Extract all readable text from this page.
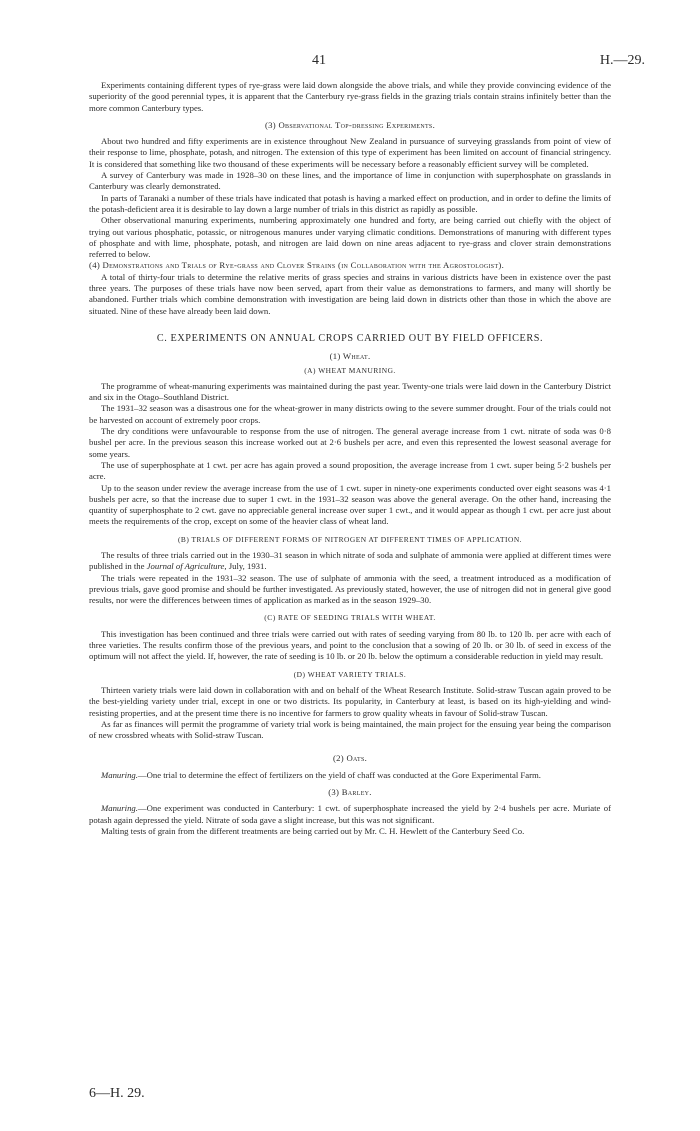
41	H.—29.

Experiments containing different types of rye-grass were laid down alongside the above trials, and while they provide convincing evidence of the superiority of the good perennial types, it is apparent that the Canterbury rye-grass fields in the grazing trials contain strains infinitely better than the more common Canterbury types.

(3) Observational Top-dressing Experiments.

About two hundred and fifty experiments are in existence throughout New Zealand in pursuance of surveying grasslands from point of view of their response to lime, phosphate, potash, and nitrogen. The extension of this type of experiment has been limited on account of financial stringency. It is considered that something like two thousand of these experiments will be necessary before a reasonably efficient survey will be completed.

A survey of Canterbury was made in 1928–30 on these lines, and the importance of lime in conjunction with superphosphate on grasslands in Canterbury was clearly demonstrated.

In parts of Taranaki a number of these trials have indicated that potash is having a marked effect on production, and in order to define the limits of the potash-deficient area it is desirable to lay down a large number of trials in this district as rapidly as possible.

Other observational manuring experiments, numbering approximately one hundred and forty, are being carried out chiefly with the object of trying out various phosphatic, potassic, or nitrogenous manures under varying climatic conditions. Demonstrations of manuring with different types of phosphate and with lime, phosphate, potash, and nitrogen are laid down on nine areas adjacent to rye-grass and clover strain demonstrations referred to below.

(4) Demonstrations and Trials of Rye-grass and Clover Strains (in Collaboration with the Agrostologist).

A total of thirty-four trials to determine the relative merits of grass species and strains in various districts have been in existence over the past three years. The purposes of these trials have now been served, apart from their value as demonstrations to farmers, and many will shortly be abandoned. Further trials which combine demonstration with investigation are being laid down in districts other than those in which the above are situated. Nine of these have already been laid down.

C. EXPERIMENTS ON ANNUAL CROPS CARRIED OUT BY FIELD OFFICERS.
(1) Wheat.
(A) WHEAT MANURING.

The programme of wheat-manuring experiments was maintained during the past year. Twenty-one trials were laid down in the Canterbury District and six in the Otago–Southland District.

The 1931–32 season was a disastrous one for the wheat-grower in many districts owing to the severe summer drought. Four of the trials could not be harvested on account of extremely poor crops.

The dry conditions were unfavourable to response from the use of nitrogen. The general average increase from 1 cwt. nitrate of soda was 0·8 bushel per acre. In the previous season this increase worked out at 2·6 bushels per acre, and even this represented the lowest seasonal average for some years.

The use of superphosphate at 1 cwt. per acre has again proved a sound proposition, the average increase from 1 cwt. super being 5·2 bushels per acre.

Up to the season under review the average increase from the use of 1 cwt. super in ninety-one experiments conducted over eight seasons was 4·1 bushels per acre, so that the increase due to super 1 cwt. in the 1931–32 season was above the general average. On the other hand, increasing the quantity of superphosphate to 2 cwt. gave no appreciable general increase over super 1 cwt., and it would appear as though 1 cwt. per acre just about meets the requirements of the crop, except on some of the heavier class of wheat land.

(B) TRIALS OF DIFFERENT FORMS OF NITROGEN AT DIFFERENT TIMES OF APPLICATION.

The results of three trials carried out in the 1930–31 season in which nitrate of soda and sulphate of ammonia were applied at different times were published in the Journal of Agriculture, July, 1931.

The trials were repeated in the 1931–32 season. The use of sulphate of ammonia with the seed, a treatment introduced as a modification of previous trials, gave good promise and should be further investigated. As previously stated, however, the use of nitrogen did not in general give good results, nor were the differences between times of application as marked as in the season 1929–30.

(C) RATE OF SEEDING TRIALS WITH WHEAT.

This investigation has been continued and three trials were carried out with rates of seeding varying from 80 lb. to 120 lb. per acre with each of three varieties. The results confirm those of the previous years, and point to the conclusion that a sowing of 20 lb. or 30 lb. of seed in excess of the optimum will not affect the yield. If, however, the rate of seeding is 10 lb. or 20 lb. below the optimum a considerable reduction in yield may result.

(D) WHEAT VARIETY TRIALS.

Thirteen variety trials were laid down in collaboration with and on behalf of the Wheat Research Institute. Solid-straw Tuscan again proved to be the best-yielding variety under trial, except in one or two districts. Its popularity, in Canterbury at least, is based on its high-yielding and wind-resisting properties, and at the present time there is no incentive for farmers to grow quality wheats in favour of Solid-straw Tuscan.

As far as finances will permit the programme of variety trial work is being maintained, the main project for the ensuing year being the comparison of new crossbred wheats with Solid-straw Tuscan.

(2) Oats.

Manuring.—One trial to determine the effect of fertilizers on the yield of chaff was conducted at the Gore Experimental Farm.

(3) Barley.

Manuring.—One experiment was conducted in Canterbury: 1 cwt. of superphosphate increased the yield by 2·4 bushels per acre. Muriate of potash again depressed the yield. Nitrate of soda gave a slight increase, but this was not significant.

Malting tests of grain from the different treatments are being carried out by Mr. C. H. Hewlett of the Canterbury Seed Co.

6—H. 29.
